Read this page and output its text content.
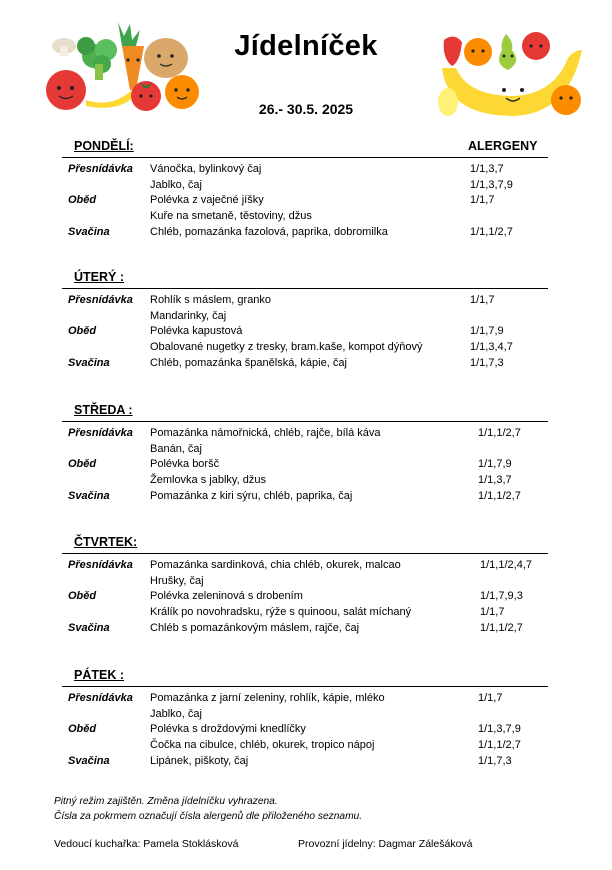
Jídelníček
26.- 30.5. 2025
ALERGENY
PONDĚLÍ:
Přesnídávka Vánočka, bylinkový čaj	1/1,3,7
Jablko, čaj	1/1,3,7,9
Oběd	Polévka z vaječné jíšky	1/1,7
Kuře na smetaně, těstoviny, džus
Svačina	Chléb, pomazánka fazolová, paprika, dobromilka	1/1,1/2,7
ÚTERÝ :
Přesnídávka Rohlík s máslem, granko	1/1,7
Mandarinky, čaj
Oběd	Polévka kapustová	1/1,7,9
Obalované nugetky z tresky, bram.kaše, kompot dýňový	1/1,3,4,7
Svačina	Chléb, pomazánka španělská, kápie, čaj	1/1,7,3
STŘEDA :
Přesnídávka Pomazánka námořnická, chléb, rajče, bílá káva	1/1,1/2,7
Banán, čaj
Oběd	Polévka boršč	1/1,7,9
Žemlovka s jablky, džus	1/1,3,7
Svačina	Pomazánka z kiri sýru, chléb, paprika, čaj	1/1,1/2,7
ČTVRTEK:
Přesnídávka Pomazánka sardinková, chia chléb, okurek, malcao	1/1,1/2,4,7
Hrušky, čaj
Oběd	Polévka zeleninová s drobením	1/1,7,9,3
Králík po novohradsku, rýže s quinoou, salát míchaný	1/1,7
Svačina	Chléb s pomazánkovým máslem, rajče, čaj	1/1,1/2,7
PÁTEK :
Přesnídávka Pomazánka z jarní zeleniny, rohlík, kápie, mléko	1/1,7
Jablko, čaj
Oběd	Polévka s droždovými knedlíčky	1/1,3,7,9
Čočka na cibulce, chléb, okurek, tropico nápoj	1/1,1/2,7
Svačina	Lipánek, piškoty, čaj	1/1,7,3
Pitný režim zajištěn. Změna jídelníčku vyhrazena.
Čísla za pokrmem označují čísla alergenů dle přiloženého seznamu.
Vedoucí kuchařka: Pamela Stoklásková	Provozní jídelny: Dagmar Zálešáková
